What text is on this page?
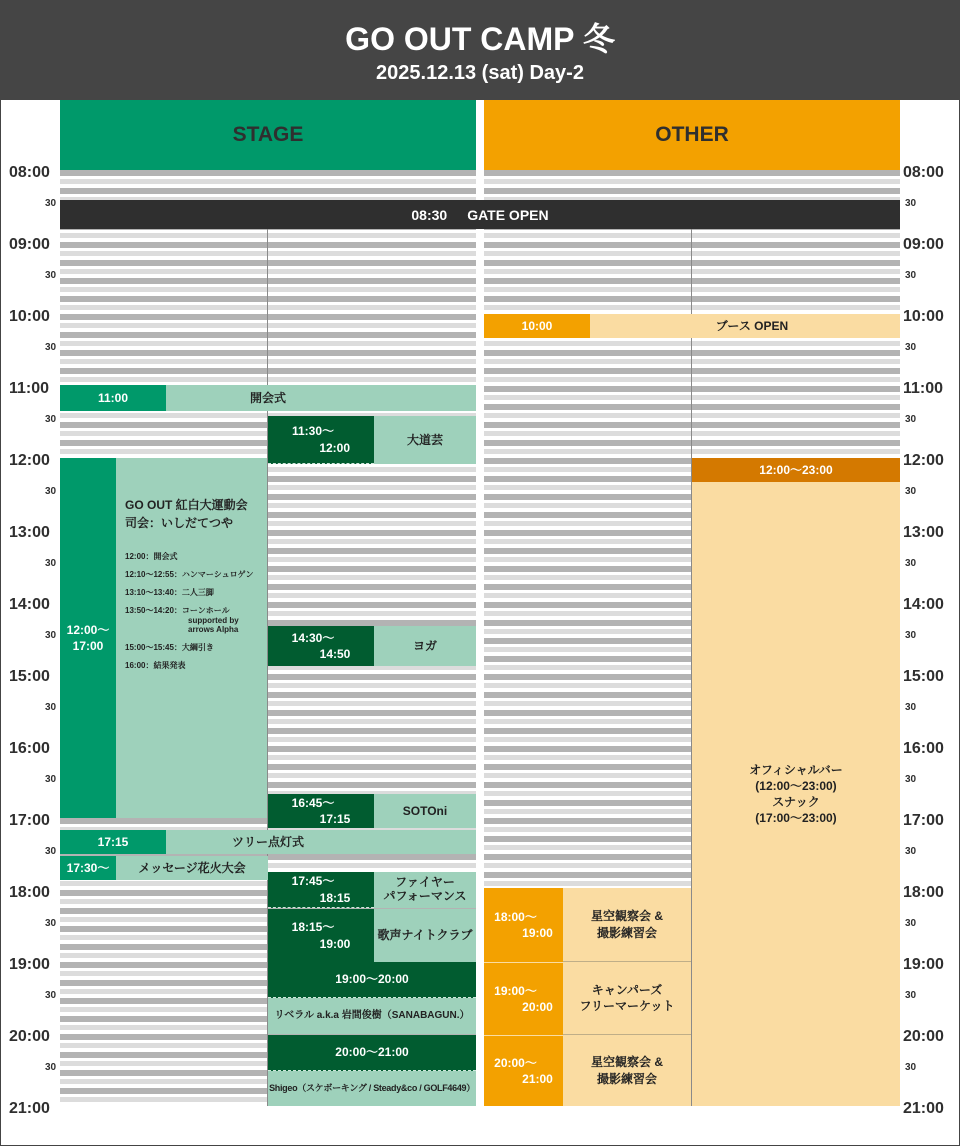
GO OUT CAMP 冬
2025.12.13 (sat) Day-2
STAGE	OTHER
08:00
30
08:00
30
09:00
30
09:00
30
10:00
30
10:00
30
11:00
30
11:00
30
12:00
30
12:00
30
13:00
30
13:00
30
14:00
30
14:00
30
15:00
30
15:00
30
16:00
30
16:00
30
17:00
30
17:00
30
18:00
30
18:00
30
19:00
30
19:00
30
20:00
30
20:00
30
21:00	21:00
08:30 GATE OPEN
開会式
11:00
11:30〜
12:00
大道芸
12:00〜
17:00
GO OUT 紅白大運動会
司会：いしだてつや
12:00：開会式
12:10〜12:55：ハンマーシュロゲン
13:10〜13:40：二人三脚
13:50〜14:20：コーンホール
supported by
arrows Alpha
15:00〜15:45：大綱引き
16:00：結果発表
14:30〜
14:50
ヨガ
16:45〜
17:15
SOTOni
ツリー点灯式
17:15
メッセージ花火大会
17:30〜
17:45〜
18:15
ファイヤー
パフォーマンス
18:15〜
19:00
歌声ナイトクラブ
19:00〜20:00
リベラル a.k.a 岩間俊樹（SANABAGUN.）
20:00〜21:00
Shigeo（スケボーキング / Steady&co / GOLF4649）
ブース OPEN
10:00
12:00〜23:00
オフィシャルバー
(12:00〜23:00)
スナック
(17:00〜23:00)
18:00〜
19:00
星空観察会 &
撮影練習会
19:00〜
20:00
キャンパーズ
フリーマーケット
20:00〜
21:00
星空観察会 &
撮影練習会
